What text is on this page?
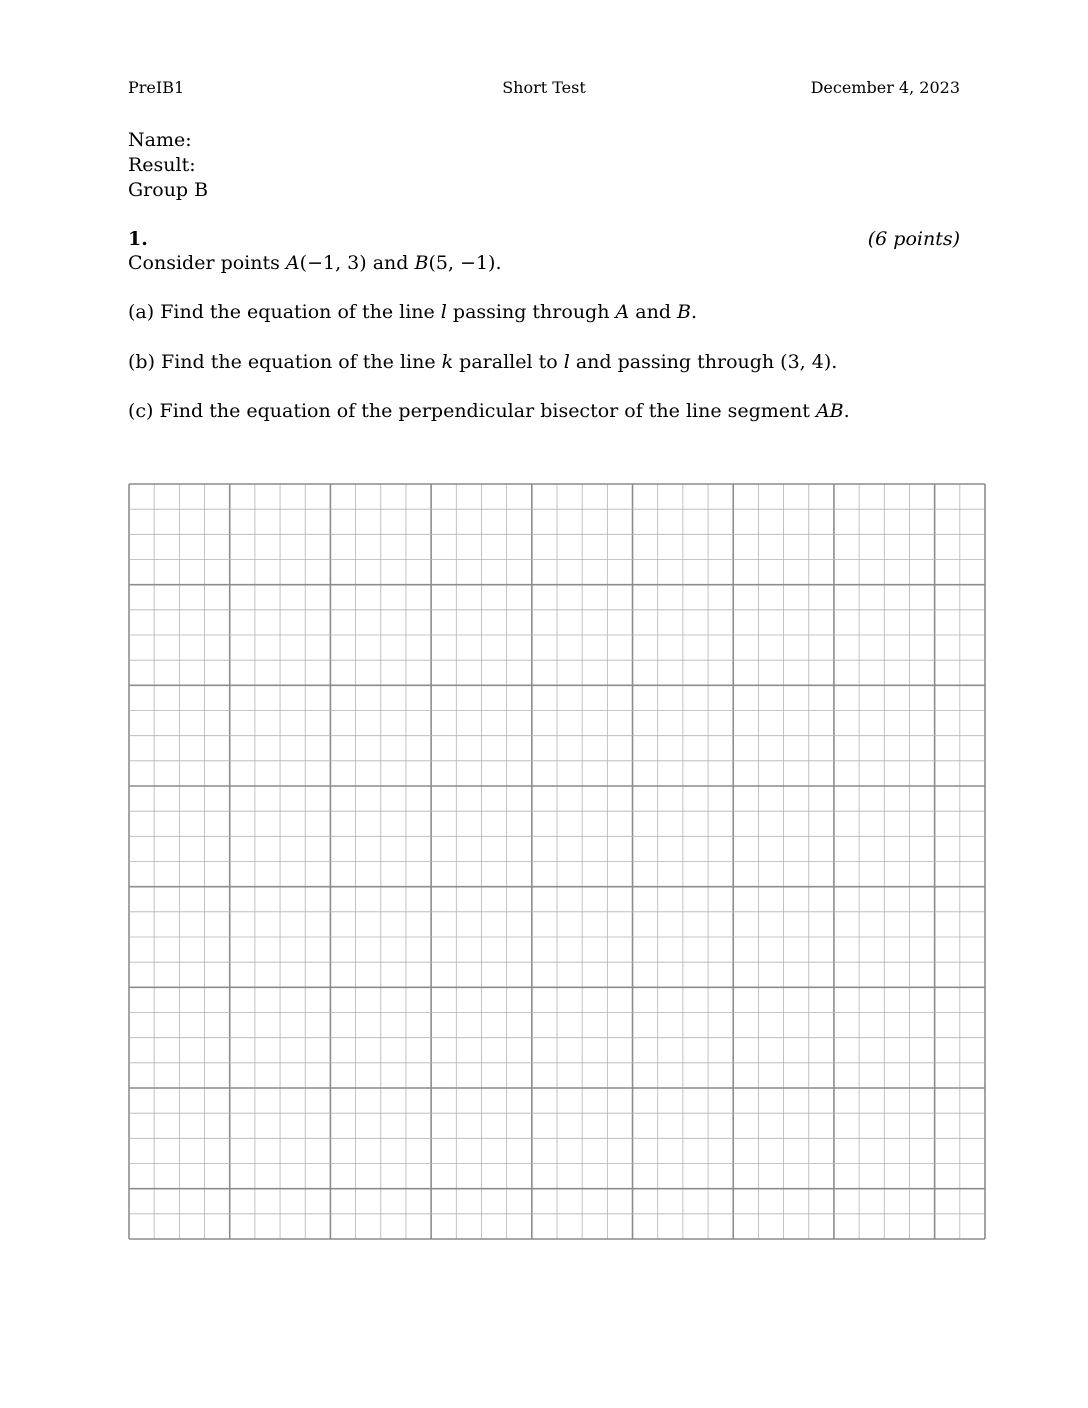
PreIB1	Short Test	December 4, 2023
Name:
Result:
Group B
1.	(6 points)
Consider points A(−1, 3) and B(5, −1).
(a) Find the equation of the line l passing through A and B.
(b) Find the equation of the line k parallel to l and passing through (3, 4).
(c) Find the equation of the perpendicular bisector of the line segment AB.
